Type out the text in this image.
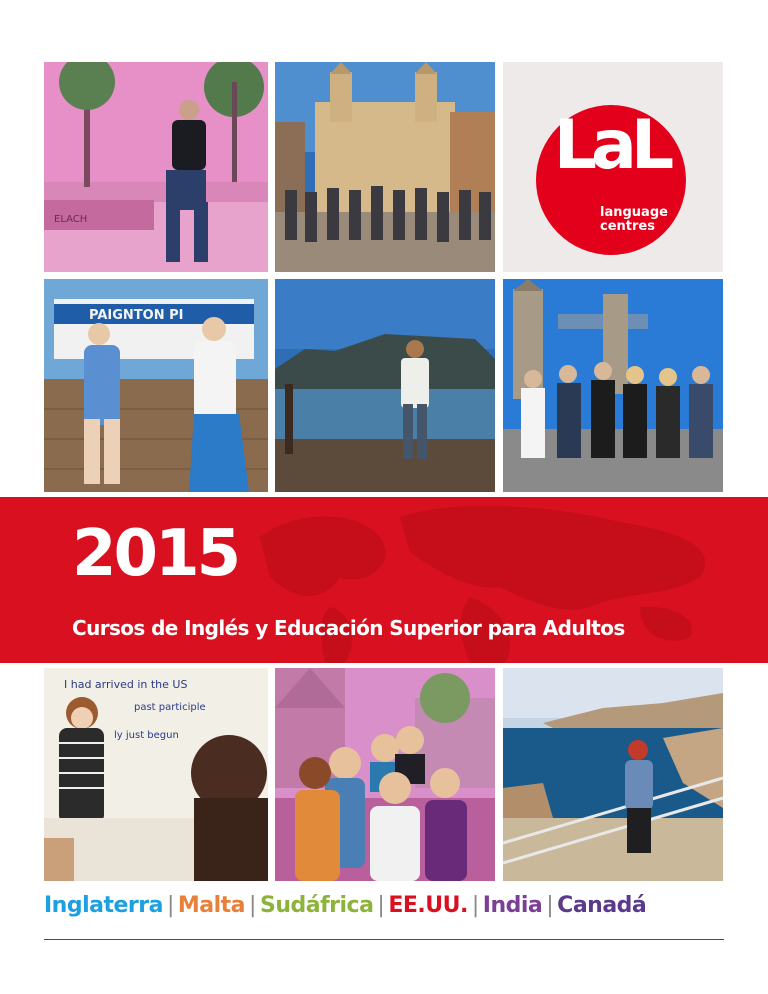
ELACH
LaL
language
centres
PAIGNTON PI
2015
Cursos de Inglés y Educación Superior para Adultos
I had arrived in the US
past participle
ly just begun
Inglaterra | Malta | Sudáfrica | EE.UU. | India | Canadá
